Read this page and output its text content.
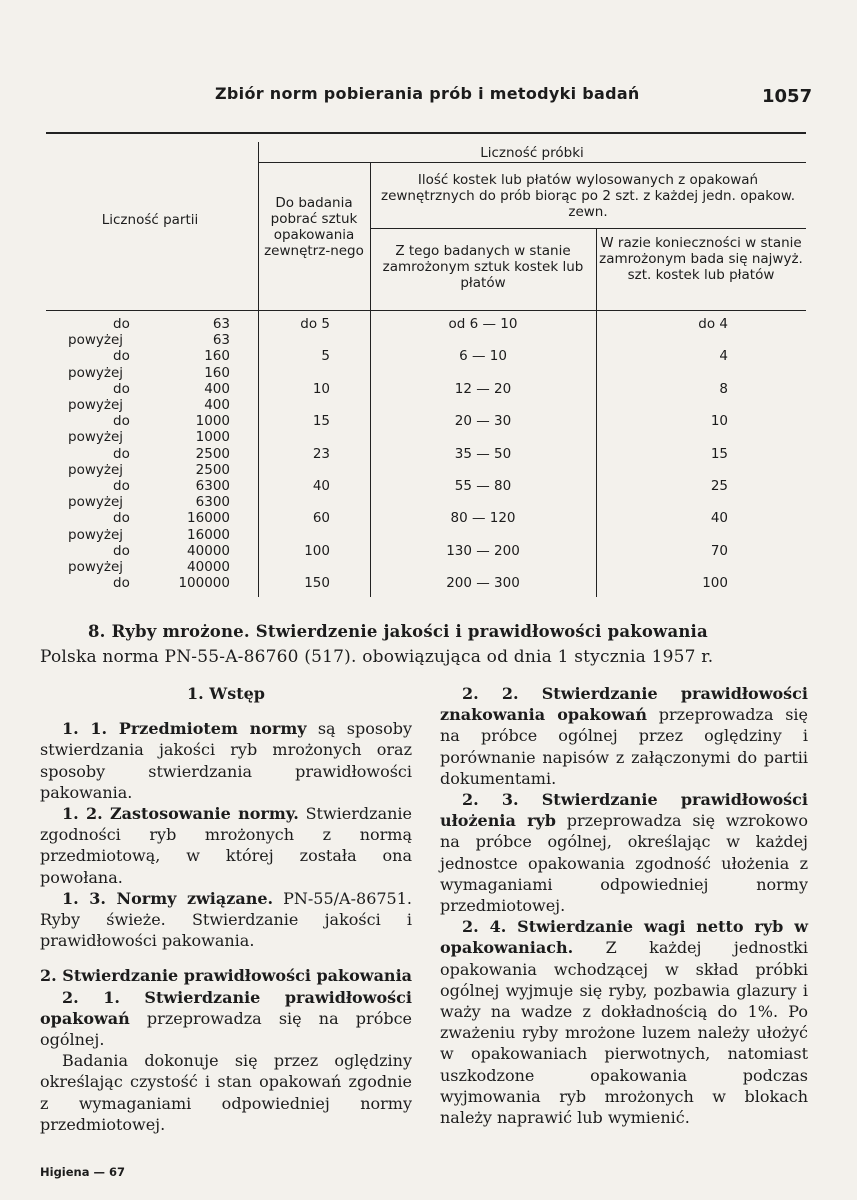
Zbiór norm pobierania prób i metodyki badań	1057
Liczność partii
Liczność próbki
Do badania pobrać sztuk opakowania zewnętrz-nego
Ilość kostek lub płatów wylosowanych z opakowań zewnętrznych do prób biorąc po 2 szt. z każdej jedn. opakow. zewn.
Z tego badanych w stanie zamrożonym sztuk kostek lub płatów
W razie konieczności w stanie zamrożonym bada się najwyż. szt. kostek lub płatów
do	63	do 5	od 6 — 10	do 4
powyżej	63
do	160	5	6 — 10	4
powyżej	160
do	400	10	12 — 20	8
powyżej	400
do	1000	15	20 — 30	10
powyżej	1000
do	2500	23	35 — 50	15
powyżej	2500
do	6300	40	55 — 80	25
powyżej	6300
do	16000	60	80 — 120	40
powyżej	16000
do	40000	100	130 — 200	70
powyżej	40000
do	100000	150	200 — 300	100
8. Ryby mrożone. Stwierdzenie jakości i prawidłowości pakowania
Polska norma PN-55-A-86760 (517). obowiązująca od dnia 1 stycznia 1957 r.

1. Wstęp

1. 1. Przedmiotem normy są sposoby stwierdzania jakości ryb mrożonych oraz sposoby stwierdzania prawidłowości pakowania.

1. 2. Zastosowanie normy. Stwierdzanie zgodności ryb mrożonych z normą przedmiotową, w której została ona powołana.

1. 3. Normy związane. PN-55/A-86751. Ryby świeże. Stwierdzanie jakości i prawidłowości pakowania.

2. Stwierdzanie prawidłowości pakowania

2. 1. Stwierdzanie prawidłowości opakowań przeprowadza się na próbce ogólnej.

Badania dokonuje się przez oględziny określając czystość i stan opakowań zgodnie z wymaganiami odpowiedniej normy przedmiotowej.

2. 2. Stwierdzanie prawidłowości znakowania opakowań przeprowadza się na próbce ogólnej przez oględziny i porównanie napisów z załączonymi do partii dokumentami.

2. 3. Stwierdzanie prawidłowości ułożenia ryb przeprowadza się wzrokowo na próbce ogólnej, określając w każdej jednostce opakowania zgodność ułożenia z wymaganiami odpowiedniej normy przedmiotowej.

2. 4. Stwierdzanie wagi netto ryb w opakowaniach. Z każdej jednostki opakowania wchodzącej w skład próbki ogólnej wyjmuje się ryby, pozbawia glazury i waży na wadze z dokładnością do 1%. Po zważeniu ryby mrożone luzem należy ułożyć w opakowaniach pierwotnych, natomiast uszkodzone opakowania podczas wyjmowania ryb mrożonych w blokach należy naprawić lub wymienić.

Higiena — 67
